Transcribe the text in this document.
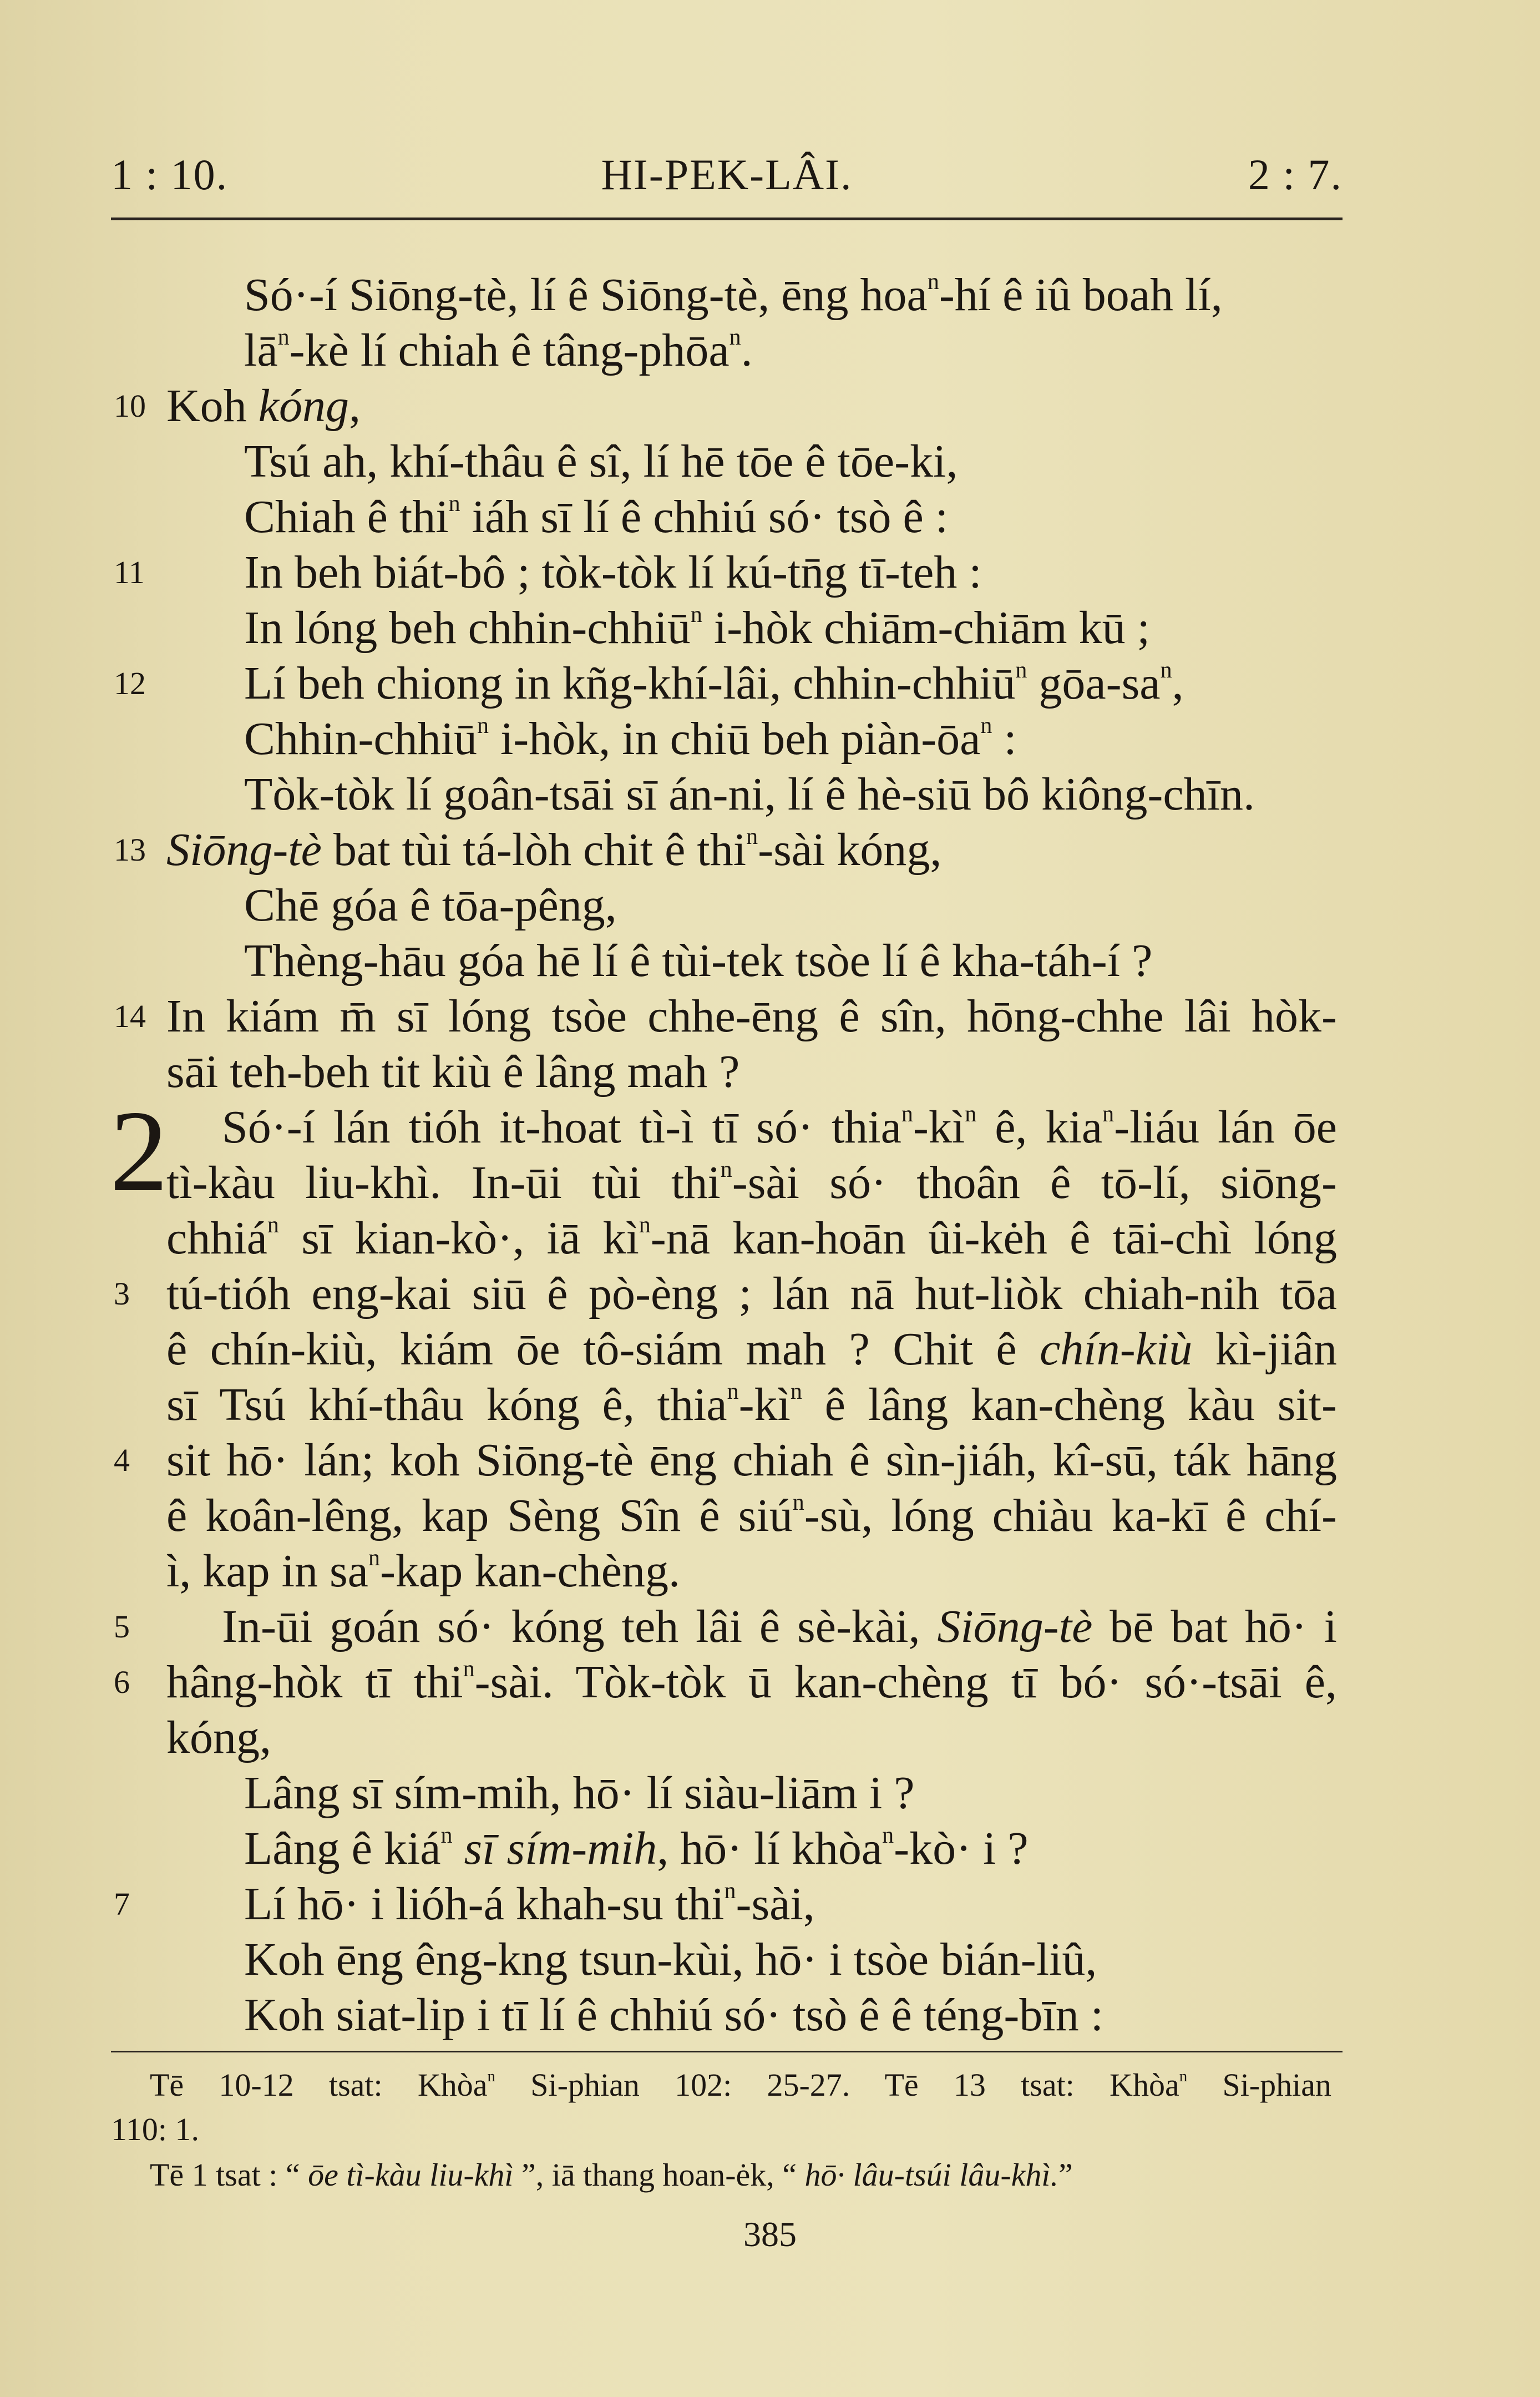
1 : 10.	HI-PEK-LÂI.	2 : 7.
Só·-í Siōng-tè, lí ê Siōng-tè, ēng hoa$^n$-hí ê iû boah lí,
$lā^n-kè$ lí chiah ê tâng-phōa$^n$.
10 Koh kóng,
Tsú ah, khí-thâu ê sî, lí hē tōe ê tōe-ki,
Chiah ê thi$^n$ iáh sī lí ê chhiú só· tsò ê :
11 In beh biát-bô ; tòk-tòk lí kú-tn̄g tī-teh :
In lóng beh chhin-chhiū$^n$ i-hòk chiām-chiām kū ;
12 Lí beh chiong in kñg-khí-lâi, chhin-chhiū$^n$ gōa-$sa^n$,
Chhin-chhiū$^n$ i-hòk, in chiū beh piàn-$ōa^n$ :
Tòk-tòk lí goân-tsāi sī án-ni, lí ê hè-siū bô kiông-chīn.
13 Siōng-tè bat tùi tá-lòh chit ê thi$^n$-sài kóng,
Chē góa ê tōa-pêng,
Thèng-hāu góa hē lí ê tùi-tek tsòe lí ê kha-táh-í ?
14 In kiám m̄ sī lóng tsòe chhe-ēng ê sîn, hōng-chhe lâi hòk-
sāi teh-beh tit kiù ê lâng mah ?
2 Só·-í lán tióh it-hoat tì-ì tī só· $thia^n-kì^n$ ê, kia$^n$-liáu lán ōe
tì-kàu liu-khì. In-ūi tùi thi$^n$-sài só· thoân ê tō-lí, siōng-
chhiá$^n$ sī kian-kò·, iā $kì^n-nā$ kan-hoān ûi-kėh ê tāi-chì lóng
3 tú-tióh eng-kai siū ê pò-èng ; lán nā hut-liòk chiah-nih tōa
ê chín-kiù, kiám ōe tô-siám mah ? Chit ê chín-kiù kì-jiân
sī Tsú khí-thâu kóng ê, $thia^n-kì^n$ ê lâng kan-chèng kàu sit-
4 sit hō· lán; koh Siōng-tè ēng chiah ê sìn-jiáh, kî-sū, ták hāng
ê koân-lêng, kap Sèng Sîn ê siú$^n$-sù, lóng chiàu ka-kī ê chí-
ì, kap in $sa^n$-kap kan-chèng.
5 In-ūi goán só· kóng teh lâi ê sè-kài, Siōng-tè bē bat hō· i
6 hâng-hòk tī thi$^n$-sài. Tòk-tòk ū kan-chèng tī bó· só·-tsāi ê,
kóng,
Lâng sī sím-mih, hō· lí siàu-liām i ?
Lâng ê kiá$^n$ sī sím-mih, hō· lí khòa$^n$-kò· i ?
7 Lí hō· i lióh-á khah-su thi$^n$-sài,
Koh ēng êng-kng tsun-kùi, hō· i tsòe bián-liû,
Koh siat-lip i tī lí ê chhiú só· tsò ê ê téng-bīn :
Tē 10-12 tsat: Khòa$^n$ Si-phian 102: 25-27. Tē 13 tsat: Khòa$^n$ Si-phian
110: 1.
Tē 1 tsat : “ ōe tì-kàu liu-khì ”, iā thang hoan-ėk, “ hō· lâu-tsúi lâu-khì.”
385
